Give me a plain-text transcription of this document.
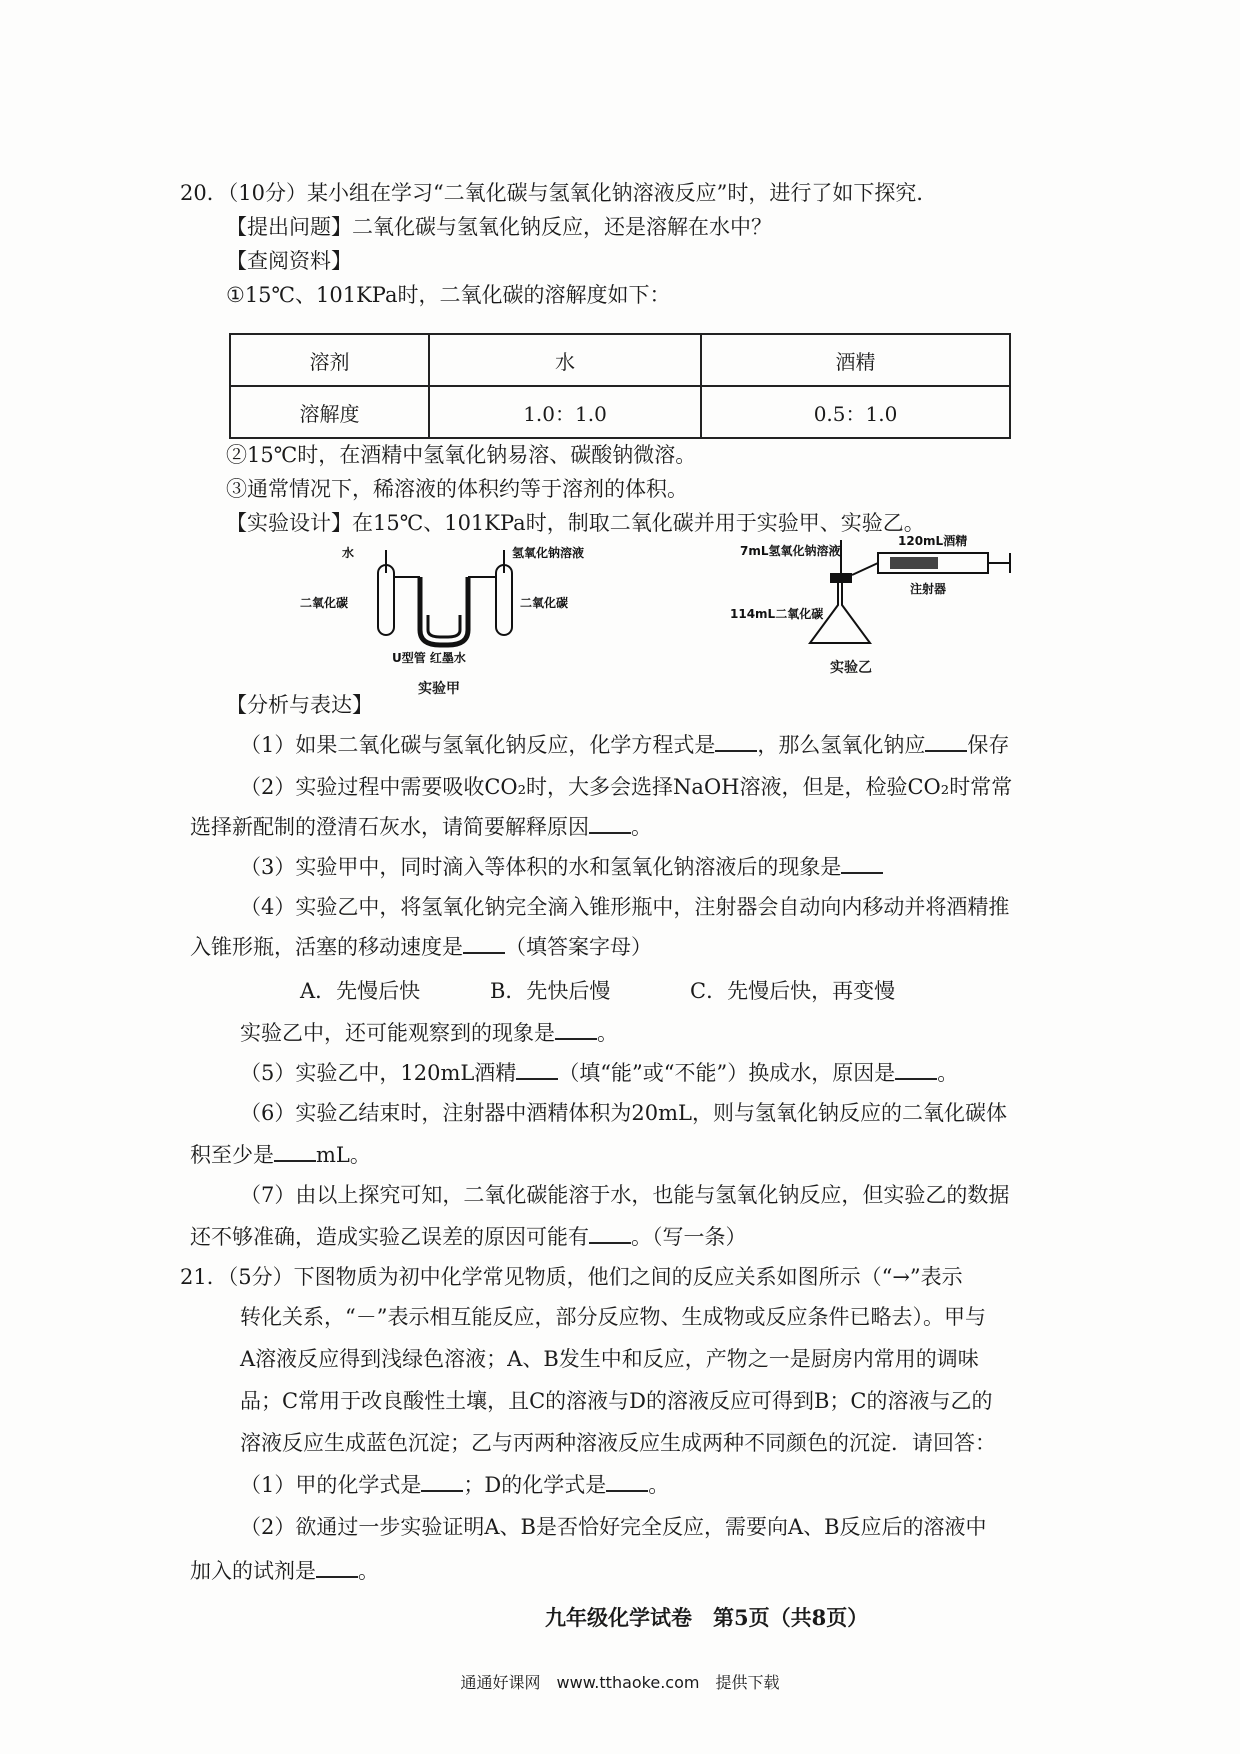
20．（10分）某小组在学习“二氧化碳与氢氧化钠溶液反应”时，进行了如下探究．
【提出问题】二氧化碳与氢氧化钠反应，还是溶解在水中？
【查阅资料】
①15℃、101KPa时，二氧化碳的溶解度如下：
溶剂	水	酒精
溶解度	1.0：1.0	0.5：1.0
②15℃时，在酒精中氢氧化钠易溶、碳酸钠微溶。
③通常情况下，稀溶液的体积约等于溶剂的体积。
【实验设计】在15℃、101KPa时，制取二氧化碳并用于实验甲、实验乙。
水	氢氧化钠溶液
二氧化碳	二氧化碳
U型管 红墨水
实验甲
7mL氢氧化钠溶液
120mL酒精
114mL二氧化碳
注射器
实验乙
【分析与表达】
（1）如果二氧化碳与氢氧化钠反应，化学方程式是 ，那么氢氧化钠应 保存
（2）实验过程中需要吸收CO₂时，大多会选择NaOH溶液，但是，检验CO₂时常常
选择新配制的澄清石灰水，请简要解释原因 。
（3）实验甲中，同时滴入等体积的水和氢氧化钠溶液后的现象是
（4）实验乙中，将氢氧化钠完全滴入锥形瓶中，注射器会自动向内移动并将酒精推
入锥形瓶，活塞的移动速度是 （填答案字母）
A．先慢后快	B．先快后慢	C．先慢后快，再变慢
实验乙中，还可能观察到的现象是 。
（5）实验乙中，120mL酒精 （填“能”或“不能”）换成水，原因是 。
（6）实验乙结束时，注射器中酒精体积为20mL，则与氢氧化钠反应的二氧化碳体
积至少是 mL。
（7）由以上探究可知，二氧化碳能溶于水，也能与氢氧化钠反应，但实验乙的数据
还不够准确，造成实验乙误差的原因可能有 。（写一条）
21．（5分）下图物质为初中化学常见物质，他们之间的反应关系如图所示（“→”表示
转化关系，“－”表示相互能反应，部分反应物、生成物或反应条件已略去）。甲与
A溶液反应得到浅绿色溶液；A、B发生中和反应，产物之一是厨房内常用的调味
品；C常用于改良酸性土壤，且C的溶液与D的溶液反应可得到B；C的溶液与乙的
溶液反应生成蓝色沉淀；乙与丙两种溶液反应生成两种不同颜色的沉淀．请回答：
（1）甲的化学式是 ；D的化学式是 。
（2）欲通过一步实验证明A、B是否恰好完全反应，需要向A、B反应后的溶液中
加入的试剂是 。
九年级化学试卷　第5页（共8页）
通通好课网　www.tthaoke.com　提供下载
